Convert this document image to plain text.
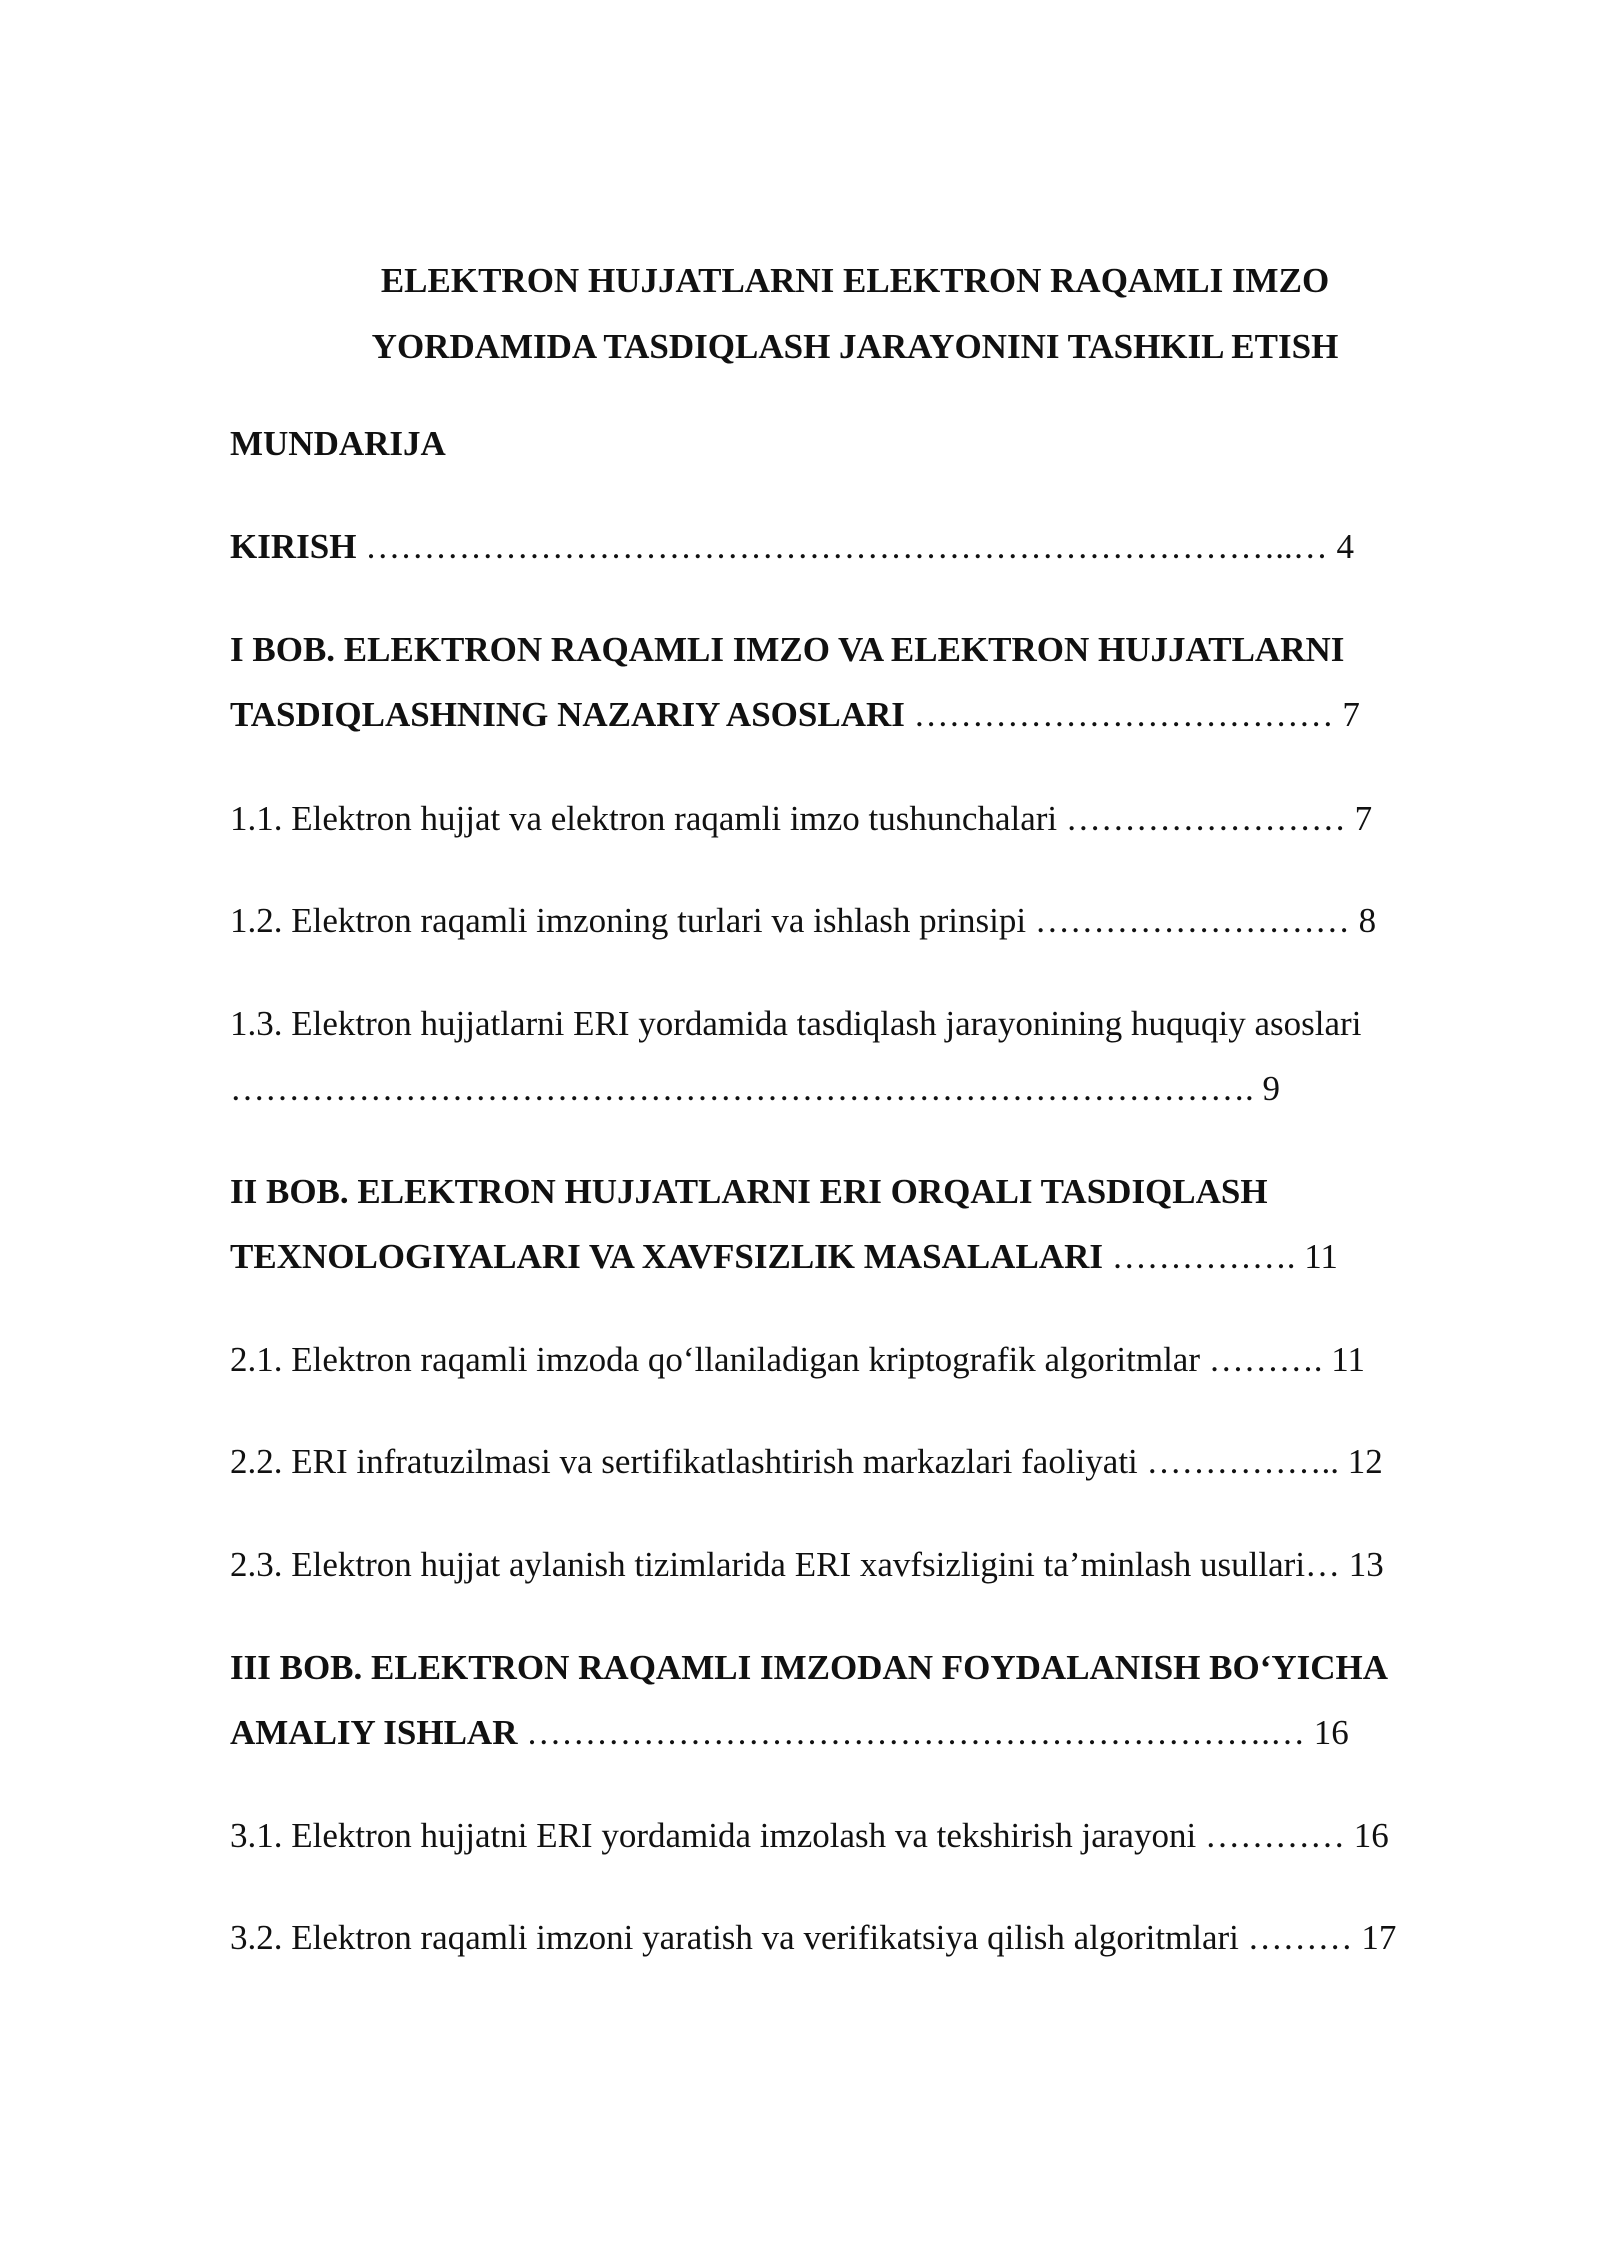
ELEKTRON HUJJATLARNI ELEKTRON RAQAMLI IMZO
YORDAMIDA TASDIQLASH JARAYONINI TASHKIL ETISH
MUNDARIJA
KIRISH ……………………………………………………………………..… 4
I BOB. ELEKTRON RAQAMLI IMZO VA ELEKTRON HUJJATLARNI
TASDIQLASHNING NAZARIY ASOSLARI ……………………………… 7
1.1. Elektron hujjat va elektron raqamli imzo tushunchalari …………………… 7
1.2. Elektron raqamli imzoning turlari va ishlash prinsipi ……………………… 8
1.3. Elektron hujjatlarni ERI yordamida tasdiqlash jarayonining huquqiy asoslari
……………………………………………………………………………. 9
II BOB. ELEKTRON HUJJATLARNI ERI ORQALI TASDIQLASH
TEXNOLOGIYALARI VA XAVFSIZLIK MASALALARI ……………. 11
2.1. Elektron raqamli imzoda qo‘llaniladigan kriptografik algoritmlar ………. 11
2.2. ERI infratuzilmasi va sertifikatlashtirish markazlari faoliyati …………….. 12
2.3. Elektron hujjat aylanish tizimlarida ERI xavfsizligini ta’minlash usullari… 13
III BOB. ELEKTRON RAQAMLI IMZODAN FOYDALANISH BO‘YICHA
AMALIY ISHLAR ……………………………………………………….… 16
3.1. Elektron hujjatni ERI yordamida imzolash va tekshirish jarayoni ………… 16
3.2. Elektron raqamli imzoni yaratish va verifikatsiya qilish algoritmlari ……… 17
